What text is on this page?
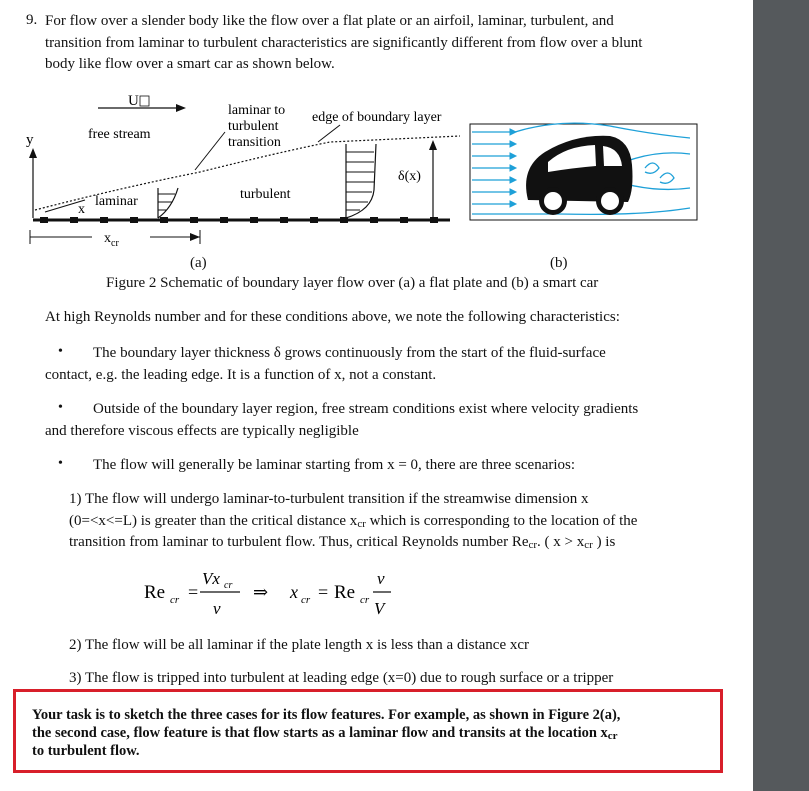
9. For flow over a slender body like the flow over a flat plate or an airfoil, laminar, turbulent, and
transition from laminar to turbulent characteristics are significantly different from flow over a blunt
body like flow over a smart car as shown below.
y
x
U
free stream
laminar
laminar to
turbulent
transition
edge of boundary layer
turbulent
δ(x)
$x_{cr}$
(a)	(b)
Figure 2 Schematic of boundary layer flow over (a) a flat plate and (b) a smart car
At high Reynolds number and for these conditions above, we note the following characteristics:
• The boundary layer thickness δ grows continuously from the start of the fluid-surface
contact, e.g. the leading edge. It is a function of x, not a constant.
• Outside of the boundary layer region, free stream conditions exist where velocity gradients
and therefore viscous effects are typically negligible
• The flow will generally be laminar starting from x = 0, there are three scenarios:
1) The flow will undergo laminar-to-turbulent transition if the streamwise dimension x
(0=<x<=L) is greater than the critical distance xcr which is corresponding to the location of the
transition from laminar to turbulent flow. Thus, critical Reynolds number Recr. ( x > xcr ) is
Re cr =
Vx cr
ν
⇒ x cr = Re cr
ν
V
2) The flow will be all laminar if the plate length x is less than a distance xcr
3) The flow is tripped into turbulent at leading edge (x=0) due to rough surface or a tripper
Your task is to sketch the three cases for its flow features. For example, as shown in Figure 2(a),
the second case, flow feature is that flow starts as a laminar flow and transits at the location xcr
to turbulent flow.
